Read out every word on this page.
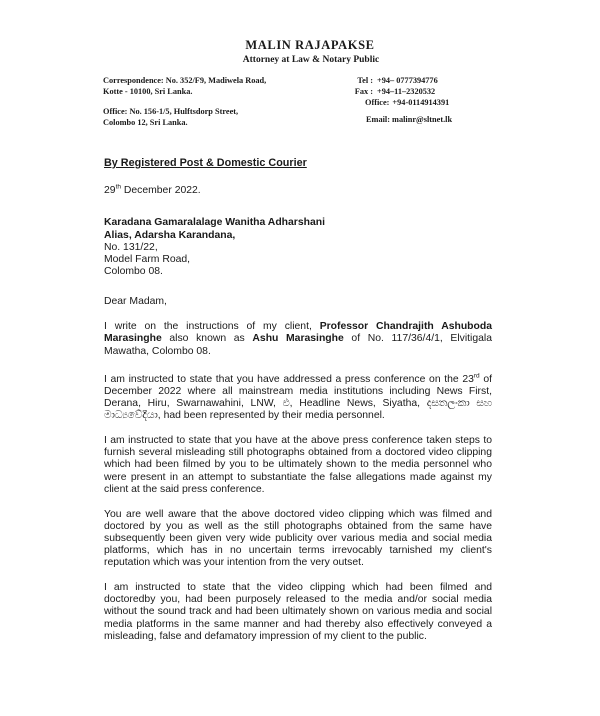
MALIN RAJAPAKSE
Attorney at Law & Notary Public
Correspondence: No. 352/F9, Madiwela Road,
Kotte - 10100, Sri Lanka.
Office: No. 156-1/5, Hulftsdorp Street,
Colombo 12, Sri Lanka.
Tel : +94– 0777394776
Fax : +94–11–2320532
Office: +94-0114914391
Email: malinr@sltnet.lk
By Registered Post & Domestic Courier
29th December 2022.
Karadana Gamaralalage Wanitha Adharshani
Alias, Adarsha Karandana,
No. 131/22,
Model Farm Road,
Colombo 08.
Dear Madam,

I write on the instructions of my client, Professor Chandrajith Ashuboda Marasinghe also known as Ashu Marasinghe of No. 117/36/4/1, Elvitigala Mawatha, Colombo 08.

I am instructed to state that you have addressed a press conference on the 23rd of December 2022 where all mainstream media institutions including News First, Derana, Hiru, Swarnawahini, LNW, ඵ, Headline News, Siyatha, දසතලංකා සහ මාධ්‍යවේදීයා, had been represented by their media personnel.

I am instructed to state that you have at the above press conference taken steps to furnish several misleading still photographs obtained from a doctored video clipping which had been filmed by you to be ultimately shown to the media personnel who were present in an attempt to substantiate the false allegations made against my client at the said press conference.

You are well aware that the above doctored video clipping which was filmed and doctored by you as well as the still photographs obtained from the same have subsequently been given very wide publicity over various media and social media platforms, which has in no uncertain terms irrevocably tarnished my client's reputation which was your intention from the very outset.

I am instructed to state that the video clipping which had been filmed and doctoredby you, had been purposely released to the media and/or social media without the sound track and had been ultimately shown on various media and social media platforms in the same manner and had thereby also effectively conveyed a misleading, false and defamatory impression of my client to the public.
